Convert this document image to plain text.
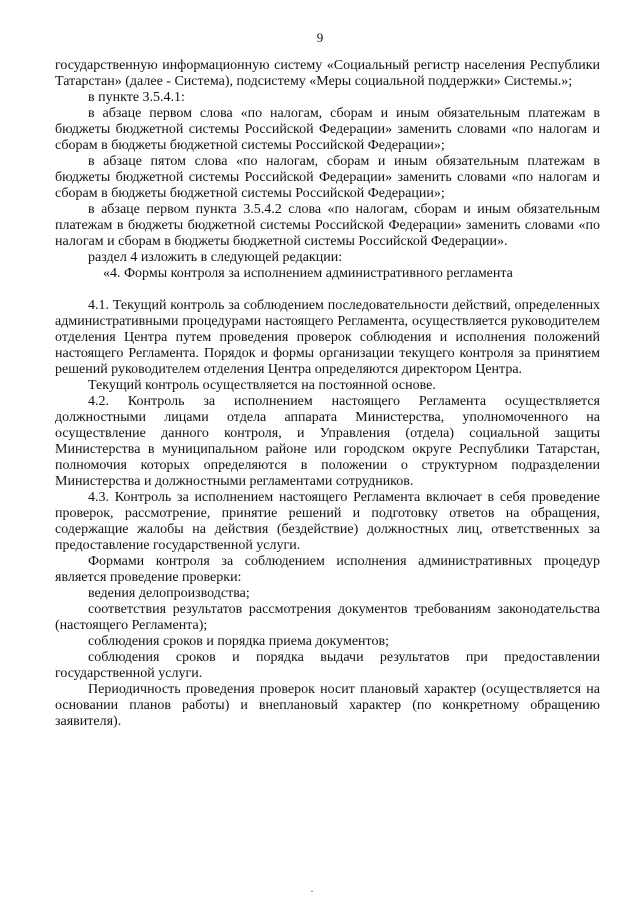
9

государственную информационную систему «Социальный регистр населения Республики Татарстан» (далее - Система), подсистему «Меры социальной поддержки» Системы.»;

в пункте 3.5.4.1:

в абзаце первом слова «по налогам, сборам и иным обязательным платежам в бюджеты бюджетной системы Российской Федерации» заменить словами «по налогам и сборам в бюджеты бюджетной системы Российской Федерации»;

в абзаце пятом слова «по налогам, сборам и иным обязательным платежам в бюджеты бюджетной системы Российской Федерации» заменить словами «по налогам и сборам в бюджеты бюджетной системы Российской Федерации»;

в абзаце первом пункта 3.5.4.2 слова «по налогам, сборам и иным обязательным платежам в бюджеты бюджетной системы Российской Федерации» заменить словами «по налогам и сборам в бюджеты бюджетной системы Российской Федерации».

раздел 4 изложить в следующей редакции:

«4. Формы контроля за исполнением административного регламента

4.1. Текущий контроль за соблюдением последовательности действий, определенных административными процедурами настоящего Регламента, осуществляется руководителем отделения Центра путем проведения проверок соблюдения и исполнения положений настоящего Регламента. Порядок и формы организации текущего контроля за принятием решений руководителем отделения Центра определяются директором Центра.

Текущий контроль осуществляется на постоянной основе.

4.2. Контроль за исполнением настоящего Регламента осуществляется должностными лицами отдела аппарата Министерства, уполномоченного на осуществление данного контроля, и Управления (отдела) социальной защиты Министерства в муниципальном районе или городском округе Республики Татарстан, полномочия которых определяются в положении о структурном подразделении Министерства и должностными регламентами сотрудников.

4.3. Контроль за исполнением настоящего Регламента включает в себя проведение проверок, рассмотрение, принятие решений и подготовку ответов на обращения, содержащие жалобы на действия (бездействие) должностных лиц, ответственных за предоставление государственной услуги.

Формами контроля за соблюдением исполнения административных процедур является проведение проверки:

ведения делопроизводства;

соответствия результатов рассмотрения документов требованиям законодательства (настоящего Регламента);

соблюдения сроков и порядка приема документов;

соблюдения сроков и порядка выдачи результатов при предоставлении государственной услуги.

Периодичность проведения проверок носит плановый характер (осуществляется на основании планов работы) и внеплановый характер (по конкретному обращению заявителя).

·
